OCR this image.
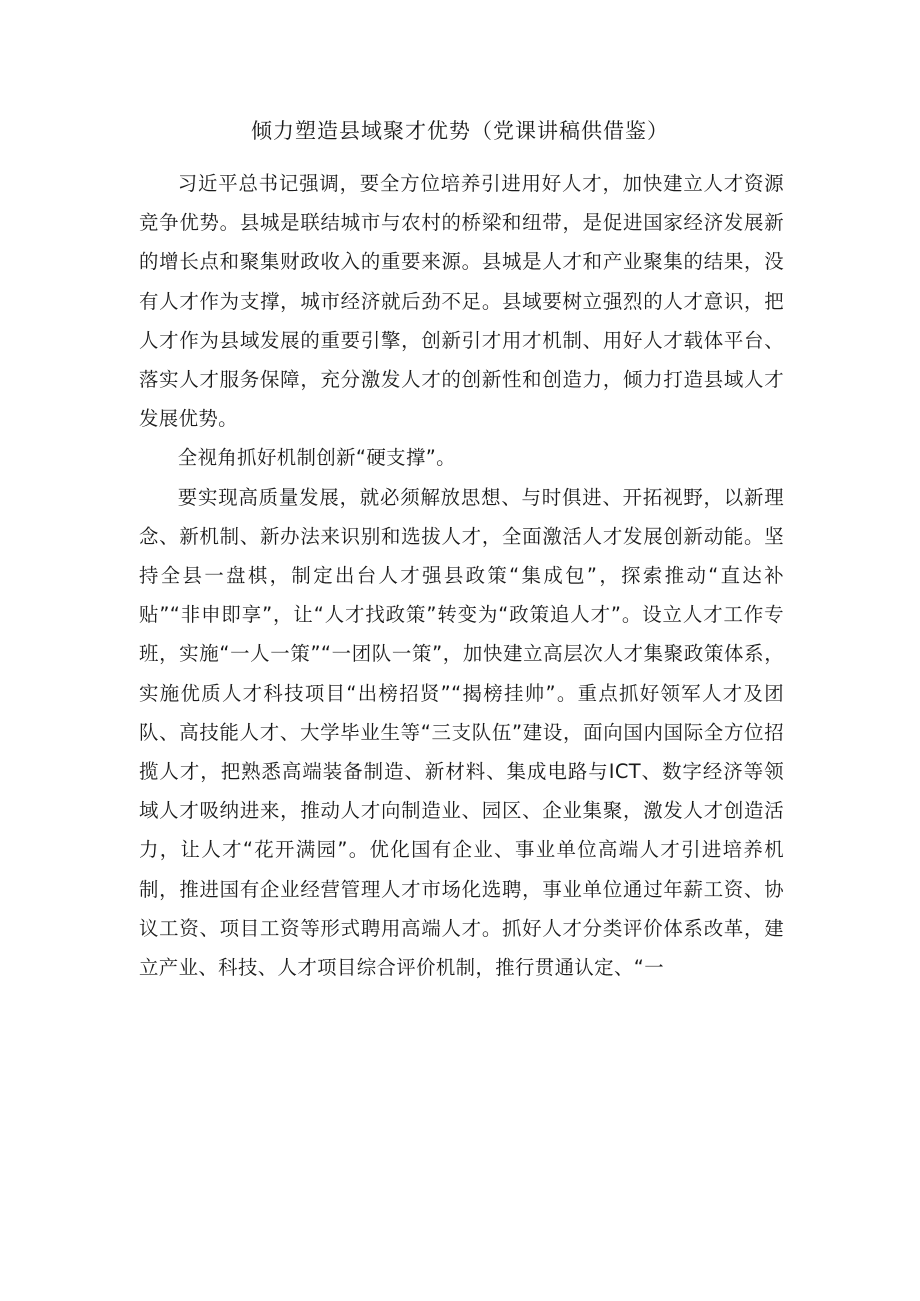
倾力塑造县域聚才优势（党课讲稿供借鉴）

习近平总书记强调，要全方位培养引进用好人才，加快建立人才资源竞争优势。县城是联结城市与农村的桥梁和纽带，是促进国家经济发展新的增长点和聚集财政收入的重要来源。县城是人才和产业聚集的结果，没有人才作为支撑，城市经济就后劲不足。县域要树立强烈的人才意识，把人才作为县域发展的重要引擎，创新引才用才机制、用好人才载体平台、落实人才服务保障，充分激发人才的创新性和创造力，倾力打造县域人才发展优势。

全视角抓好机制创新“硬支撑”。

要实现高质量发展，就必须解放思想、与时俱进、开拓视野，以新理念、新机制、新办法来识别和选拔人才，全面激活人才发展创新动能。坚持全县一盘棋，制定出台人才强县政策“集成包”，探索推动“直达补贴”“非申即享”，让“人才找政策”转变为“政策追人才”。设立人才工作专班，实施“一人一策”“一团队一策”，加快建立高层次人才集聚政策体系，实施优质人才科技项目“出榜招贤”“揭榜挂帅”。重点抓好领军人才及团队、高技能人才、大学毕业生等“三支队伍”建设，面向国内国际全方位招揽人才，把熟悉高端装备制造、新材料、集成电路与ICT、数字经济等领域人才吸纳进来，推动人才向制造业、园区、企业集聚，激发人才创造活力，让人才“花开满园”。优化国有企业、事业单位高端人才引进培养机制，推进国有企业经营管理人才市场化选聘，事业单位通过年薪工资、协议工资、项目工资等形式聘用高端人才。抓好人才分类评价体系改革，建立产业、科技、人才项目综合评价机制，推行贯通认定、“一
